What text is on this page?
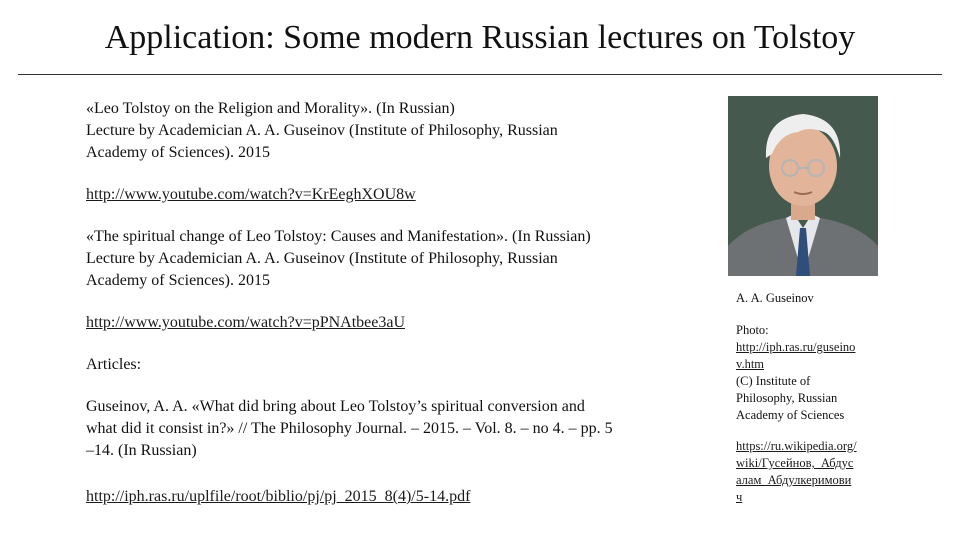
Application: Some modern Russian lectures on Tolstoy
«Leo Tolstoy on the Religion and Morality». (In Russian)
Lecture by Academician A. A. Guseinov (Institute of Philosophy, Russian
Academy of Sciences). 2015
http://www.youtube.com/watch?v=KrEeghXOU8w
«The spiritual change of Leo Tolstoy: Causes and Manifestation». (In Russian)
Lecture by Academician A. A. Guseinov (Institute of Philosophy, Russian
Academy of Sciences). 2015
http://www.youtube.com/watch?v=pPNAtbee3aU
Articles:
Guseinov, A. A. «What did bring about Leo Tolstoy’s spiritual conversion and
what did it consist in?» // The Philosophy Journal. – 2015. – Vol. 8. – no 4. – pp. 5
–14. (In Russian)
http://iph.ras.ru/uplfile/root/biblio/pj/pj_2015_8(4)/5-14.pdf
A. A. Guseinov
Photo:
http://iph.ras.ru/guseino
v.htm
(C) Institute of
Philosophy, Russian
Academy of Sciences
https://ru.wikipedia.org/
wiki/Гусейнов,_Абдус
алам_Абдулкеримови
ч
